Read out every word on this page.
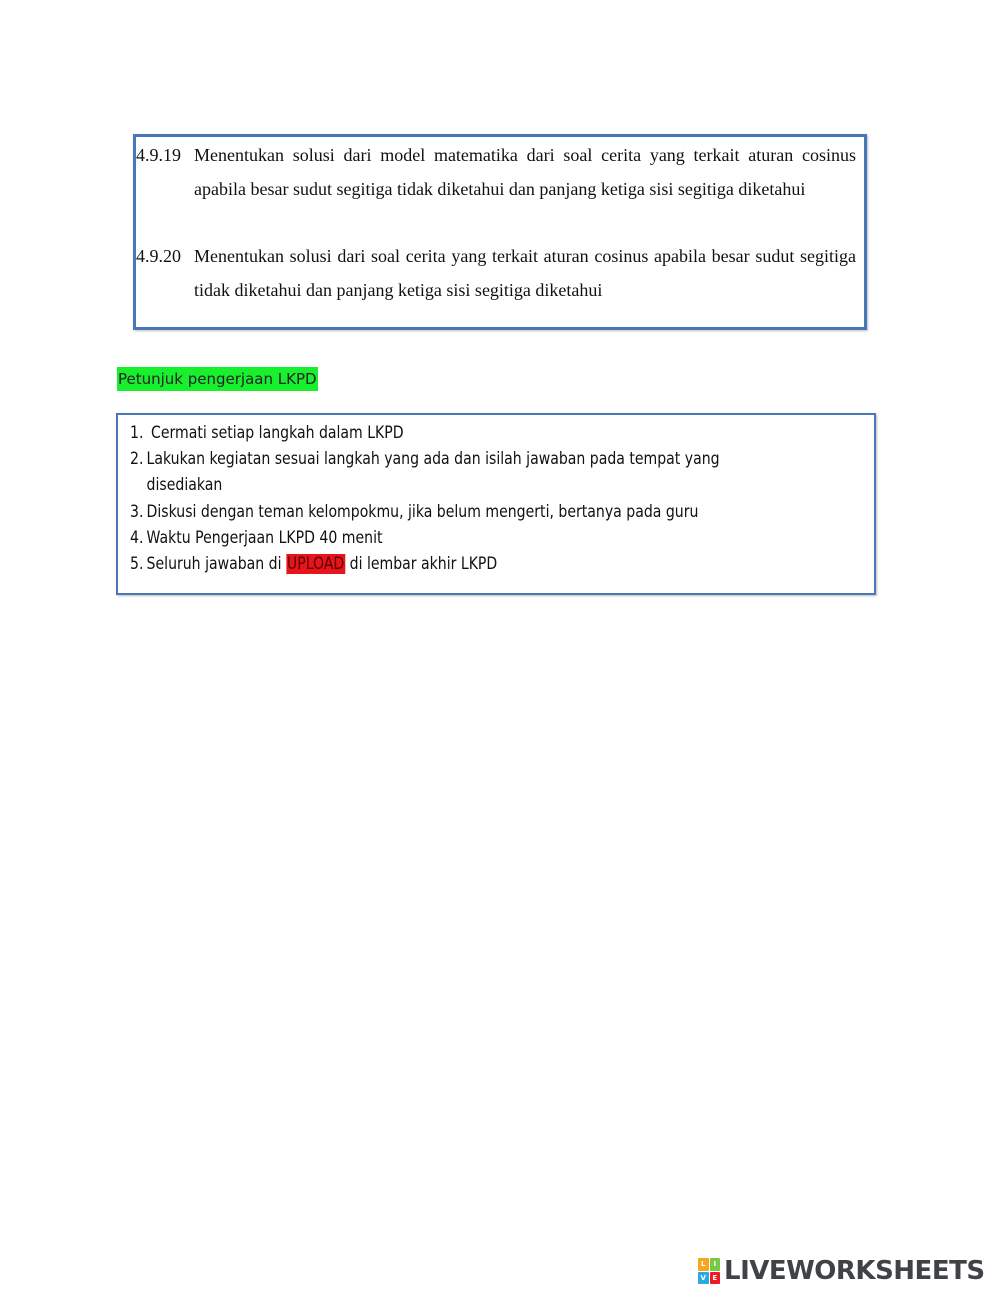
4.9.19 Menentukan solusi dari model matematika dari soal cerita yang terkait aturan cosinus apabila besar sudut segitiga tidak diketahui dan panjang ketiga sisi segitiga diketahui
4.9.20 Menentukan solusi dari soal cerita yang terkait aturan cosinus apabila besar sudut segitiga tidak diketahui dan panjang ketiga sisi segitiga diketahui
Petunjuk pengerjaan LKPD
1. Cermati setiap langkah dalam LKPD
2. Lakukan kegiatan sesuai langkah yang ada dan isilah jawaban pada tempat yang
disediakan
3. Diskusi dengan teman kelompokmu, jika belum mengerti, bertanya pada guru
4. Waktu Pengerjaan LKPD 40 menit
5. Seluruh jawaban di UPLOAD di lembar akhir LKPD
L	I
V E LIVEWORKSHEETS
